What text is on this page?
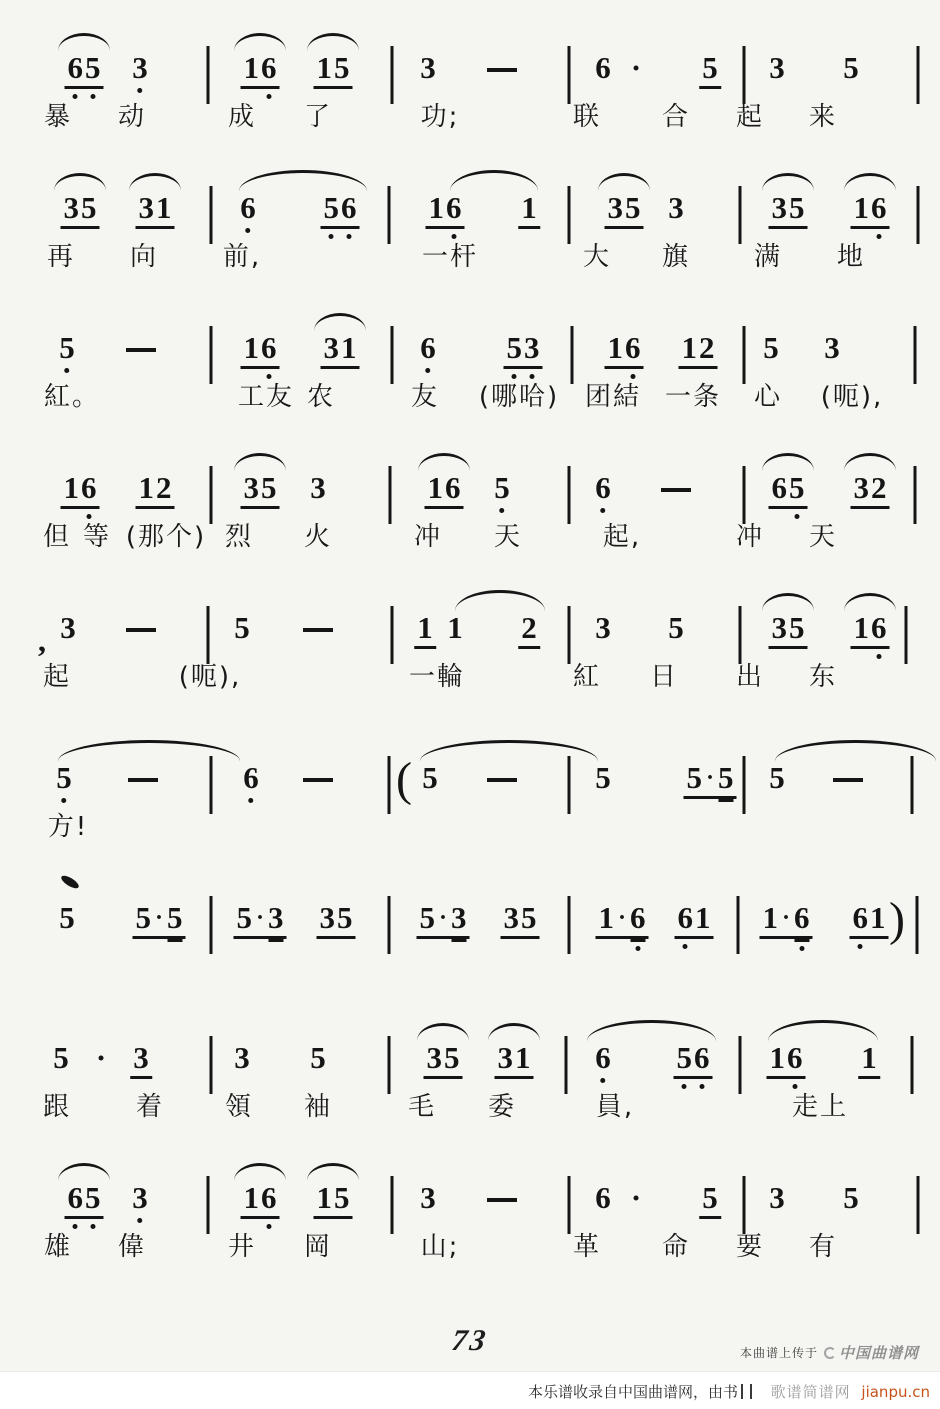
65 3	16 15 3	6 · 5 3 5
暴 动	成 了	功;	联 合 起 来
35 31 6 56 16 1 35 3	35 16
再 向 前,	一杆	大 旗 满 地
5	16 31 6 53 16 12 5 3
紅。	工友 农	友 (哪哈) 团結 一条 心 (呃),
16 12 35 3	16 5	6	65 32
但 等 (那个) 烈 火	冲 天	起,	冲 天
, 3	5	1 1 2 3 5	35 16
起	(呃),	一輪	紅 日 出 东
5	6	( 5	5 5 · 5 5
方!
5 5 · 5 5 · 3 35 5 · 3 35 1 · 6 61 1 · 6 61 )
5 · 3	3 5	35 31 6 56 16 1
跟 着 領 袖	毛 委	員,	走上
65 3	16 15 3	6 · 5 3 5
雄 偉	井 岡	山;	革 命 要 有
73	本曲谱上传于 中国曲谱网
本乐谱收录自中国曲谱网，由书	歌谱简谱网 jianpu.cn
